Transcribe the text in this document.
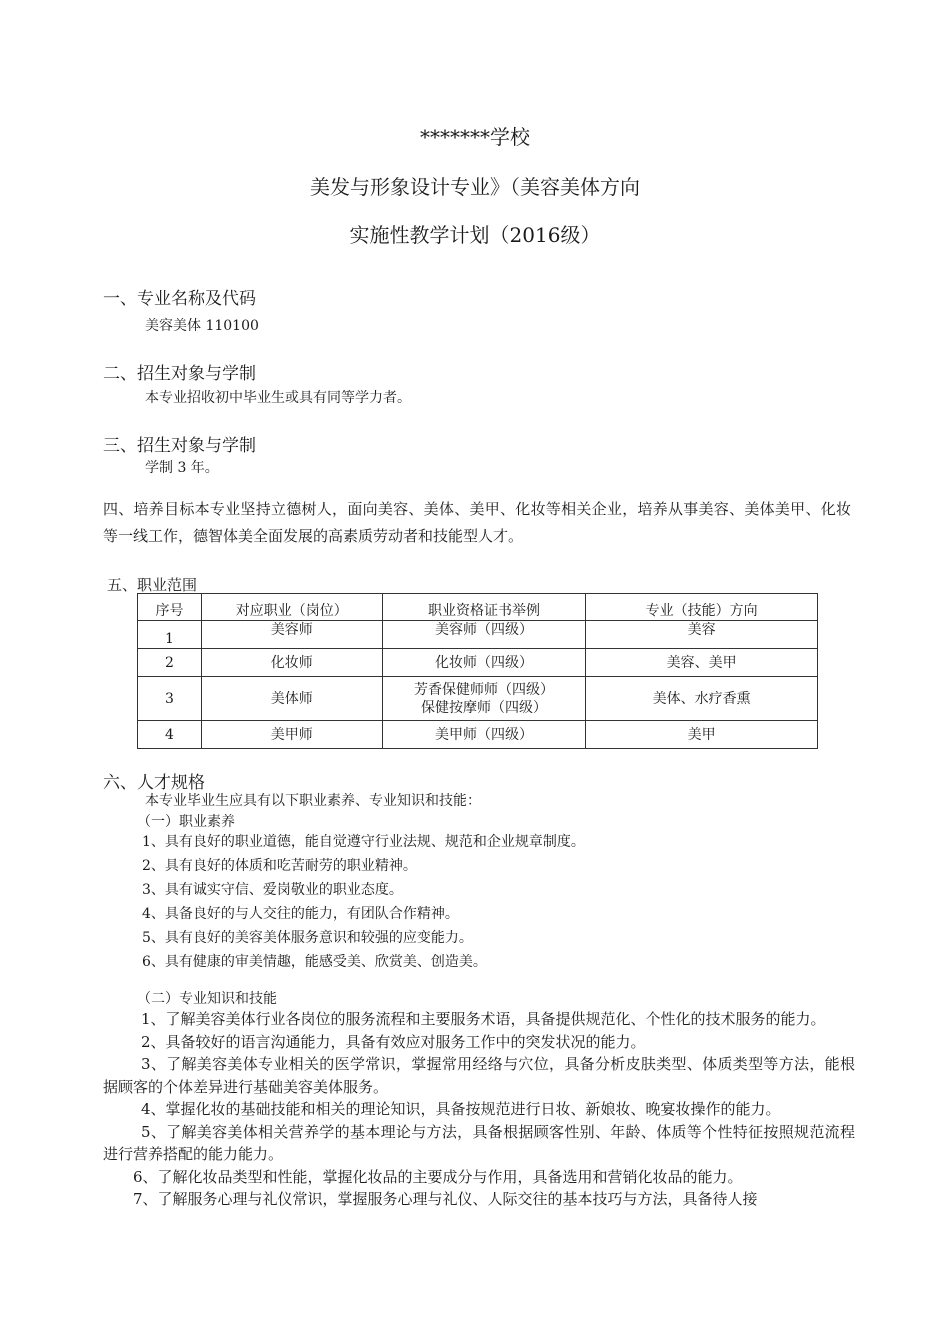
*******学校
美发与形象设计专业》（美容美体方向
实施性教学计划（2016级）
一、专业名称及代码
美容美体 110100
二、招生对象与学制
本专业招收初中毕业生或具有同等学力者。
三、招生对象与学制
学制 3 年。
四、培养目标本专业坚持立德树人，面向美容、美体、美甲、化妆等相关企业，培养从事美容、美体美甲、化妆等一线工作，德智体美全面发展的高素质劳动者和技能型人才。
五、职业范围
序号	对应职业（岗位）	职业资格证书举例	专业（技能）方向
1	美容师	美容师（四级）	美容
2	化妆师	化妆师（四级）	美容、美甲
3	美体师	芳香保健师师（四级）
保健按摩师（四级）	美体、水疗香熏
4	美甲师	美甲师（四级）	美甲
六、人才规格
本专业毕业生应具有以下职业素养、专业知识和技能：
（一）职业素养
1、具有良好的职业道德，能自觉遵守行业法规、规范和企业规章制度。
2、具有良好的体质和吃苦耐劳的职业精神。
3、具有诚实守信、爱岗敬业的职业态度。
4、具备良好的与人交往的能力，有团队合作精神。
5、具有良好的美容美体服务意识和较强的应变能力。
6、具有健康的审美情趣，能感受美、欣赏美、创造美。
（二）专业知识和技能
1、了解美容美体行业各岗位的服务流程和主要服务术语，具备提供规范化、个性化的技术服务的能力。
2、具备较好的语言沟通能力，具备有效应对服务工作中的突发状况的能力。
3、了解美容美体专业相关的医学常识，掌握常用经络与穴位，具备分析皮肤类型、体质类型等方法，能根据顾客的个体差异进行基础美容美体服务。
4、掌握化妆的基础技能和相关的理论知识，具备按规范进行日妆、新娘妆、晚宴妆操作的能力。
5、了解美容美体相关营养学的基本理论与方法，具备根据顾客性别、年龄、体质等个性特征按照规范流程进行营养搭配的能力能力。
6、了解化妆品类型和性能，掌握化妆品的主要成分与作用，具备选用和营销化妆品的能力。
7、了解服务心理与礼仪常识，掌握服务心理与礼仪、人际交往的基本技巧与方法，具备待人接
